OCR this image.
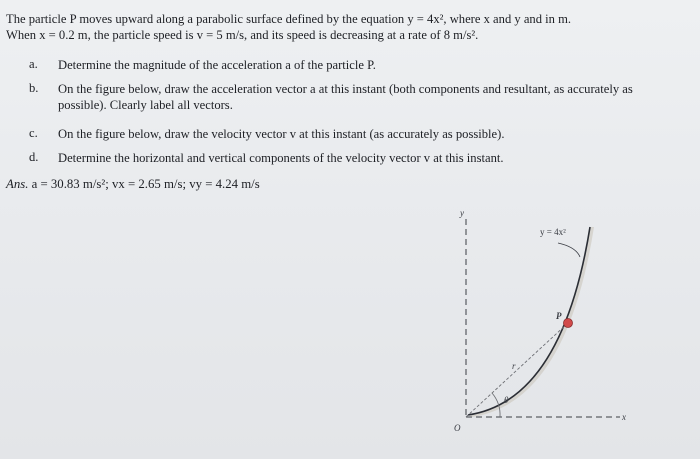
The particle P moves upward along a parabolic surface defined by the equation y = 4x², where x and y and in m.
When x = 0.2 m, the particle speed is v = 5 m/s, and its speed is decreasing at a rate of 8 m/s².
a. Determine the magnitude of the acceleration a of the particle P.
b. On the figure below, draw the acceleration vector a at this instant (both components and resultant, as accurately as possible). Clearly label all vectors.
c. On the figure below, draw the velocity vector v at this instant (as accurately as possible).
d. Determine the horizontal and vertical components of the velocity vector v at this instant.
Ans. a = 30.83 m/s²; vx = 2.65 m/s; vy = 4.24 m/s
y = 4x²
y
x
O
P
r
θ
